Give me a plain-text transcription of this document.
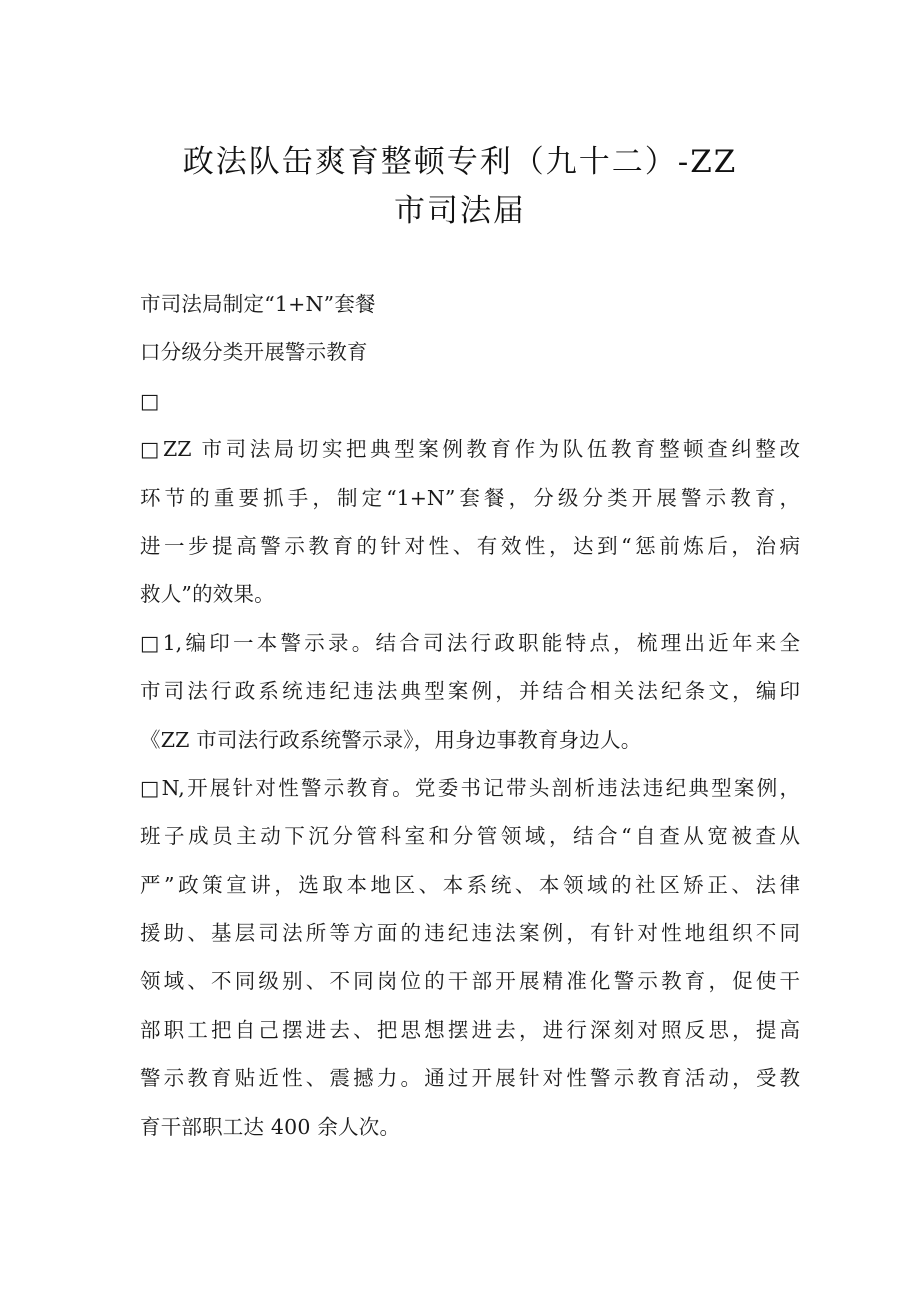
政法队缶爽育整顿专利（九十二）-ZZ
市司法届
市司法局制定“1+N”套餐
口分级分类开展警示教育
□
□ZZ 市司法局切实把典型案例教育作为队伍教育整顿查纠整改
环节的重要抓手，制定“1+N”套餐，分级分类开展警示教育，
进一步提高警示教育的针对性、有效性，达到“惩前炼后，治病
救人”的效果。
□1,编印一本警示录。结合司法行政职能特点，梳理出近年来全
市司法行政系统违纪违法典型案例，并结合相关法纪条文，编印
《ZZ 市司法行政系统警示录》，用身边事教育身边人。
□N,开展针对性警示教育。党委书记带头剖析违法违纪典型案例，
班子成员主动下沉分管科室和分管领域，结合“自查从宽被查从
严”政策宣讲，选取本地区、本系统、本领域的社区矫正、法律
援助、基层司法所等方面的违纪违法案例，有针对性地组织不同
领域、不同级别、不同岗位的干部开展精准化警示教育，促使干
部职工把自己摆进去、把思想摆进去，进行深刻对照反思，提高
警示教育贴近性、震撼力。通过开展针对性警示教育活动，受教
育干部职工达 400 余人次。
